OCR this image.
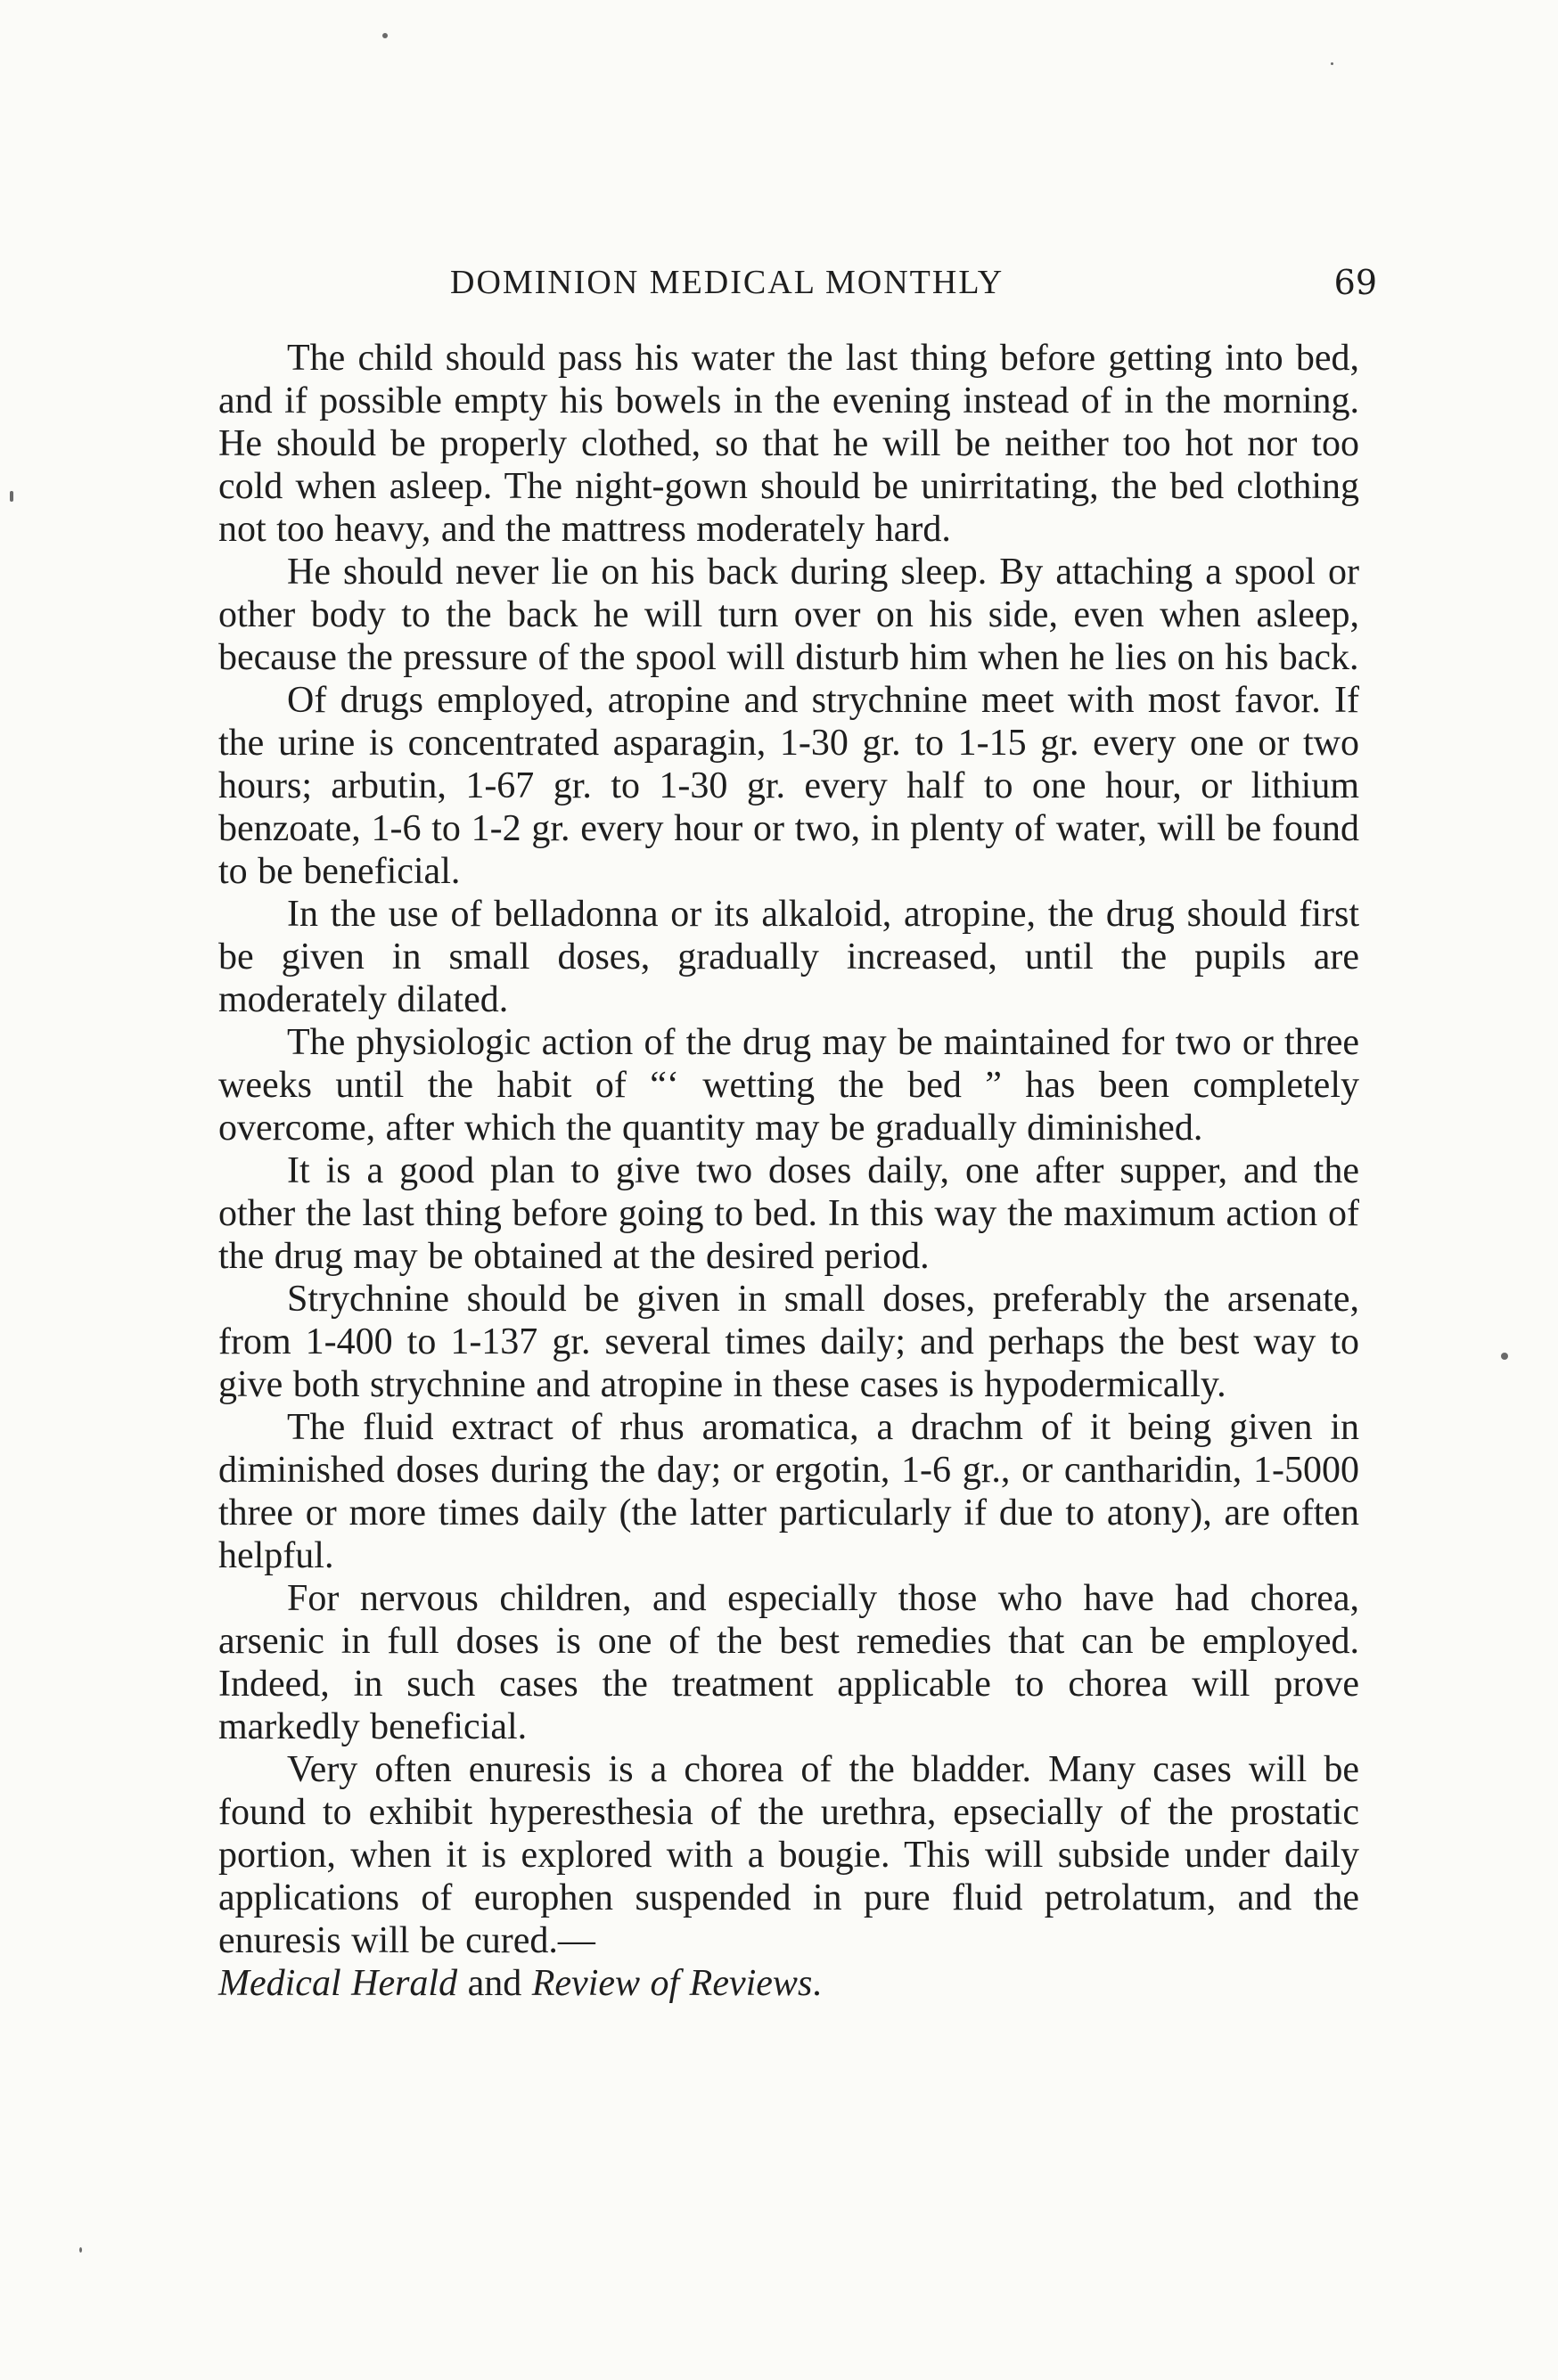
DOMINION MEDICAL MONTHLY	69

The child should pass his water the last thing before getting into bed, and if possible empty his bowels in the evening instead of in the morning. He should be properly clothed, so that he will be neither too hot nor too cold when asleep. The night-gown should be unirritating, the bed clothing not too heavy, and the mattress moderately hard.

He should never lie on his back during sleep. By attaching a spool or other body to the back he will turn over on his side, even when asleep, because the pressure of the spool will disturb him when he lies on his back.

Of drugs employed, atropine and strychnine meet with most favor. If the urine is concentrated asparagin, 1-30 gr. to 1-15 gr. every one or two hours; arbutin, 1-67 gr. to 1-30 gr. every half to one hour, or lithium benzoate, 1-6 to 1-2 gr. every hour or two, in plenty of water, will be found to be beneficial.

In the use of belladonna or its alkaloid, atropine, the drug should first be given in small doses, gradually increased, until the pupils are moderately dilated.

The physiologic action of the drug may be maintained for two or three weeks until the habit of “‘ wetting the bed ” has been completely overcome, after which the quantity may be gradually diminished.

It is a good plan to give two doses daily, one after supper, and the other the last thing before going to bed. In this way the maximum action of the drug may be obtained at the desired period.

Strychnine should be given in small doses, preferably the arsenate, from 1-400 to 1-137 gr. several times daily; and perhaps the best way to give both strychnine and atropine in these cases is hypodermically.

The fluid extract of rhus aromatica, a drachm of it being given in diminished doses during the day; or ergotin, 1-6 gr., or cantharidin, 1-5000 three or more times daily (the latter particularly if due to atony), are often helpful.

For nervous children, and especially those who have had chorea, arsenic in full doses is one of the best remedies that can be employed. Indeed, in such cases the treatment applicable to chorea will prove markedly beneficial.

Very often enuresis is a chorea of the bladder. Many cases will be found to exhibit hyperesthesia of the urethra, epsecially of the prostatic portion, when it is explored with a bougie. This will subside under daily applications of europhen suspended in pure fluid petrolatum, and the enuresis will be cured.—

Medical Herald and Review of Reviews.
